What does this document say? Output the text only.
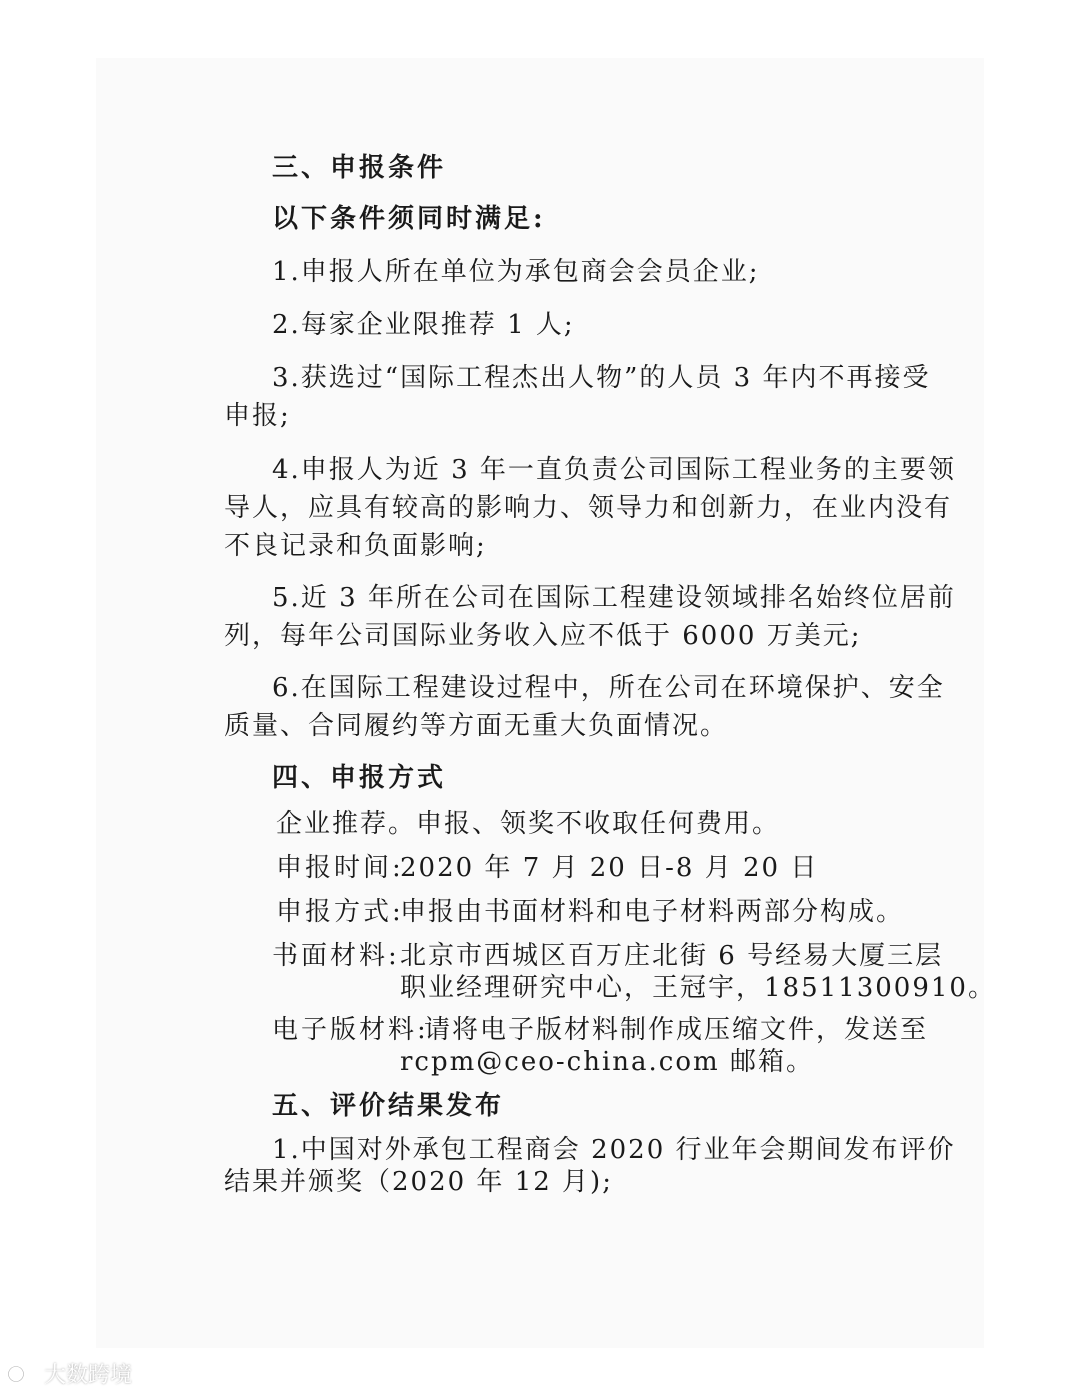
三、申报条件
以下条件须同时满足:
1.申报人所在单位为承包商会会员企业;
2.每家企业限推荐 1 人;
3.获选过“国际工程杰出人物”的人员 3 年内不再接受
申报;
4.申报人为近 3 年一直负责公司国际工程业务的主要领
导人，应具有较高的影响力、领导力和创新力，在业内没有
不良记录和负面影响;
5.近 3 年所在公司在国际工程建设领域排名始终位居前
列，每年公司国际业务收入应不低于 6000 万美元;
6.在国际工程建设过程中，所在公司在环境保护、安全
质量、合同履约等方面无重大负面情况。
四、申报方式
企业推荐。申报、领奖不收取任何费用。
申报时间:
2020 年 7 月 20 日-8 月 20 日
申报方式:
申报由书面材料和电子材料两部分构成。
书面材料: 北京市西城区百万庄北街 6 号经易大厦三层
职业经理研究中心，王冠宇，18511300910。
电子版材料:
请将电子版材料制作成压缩文件，发送至
rcpm@ceo-china.com 邮箱。
五、评价结果发布
1.中国对外承包工程商会 2020 行业年会期间发布评价
结果并颁奖（2020 年 12 月);
大数跨境
